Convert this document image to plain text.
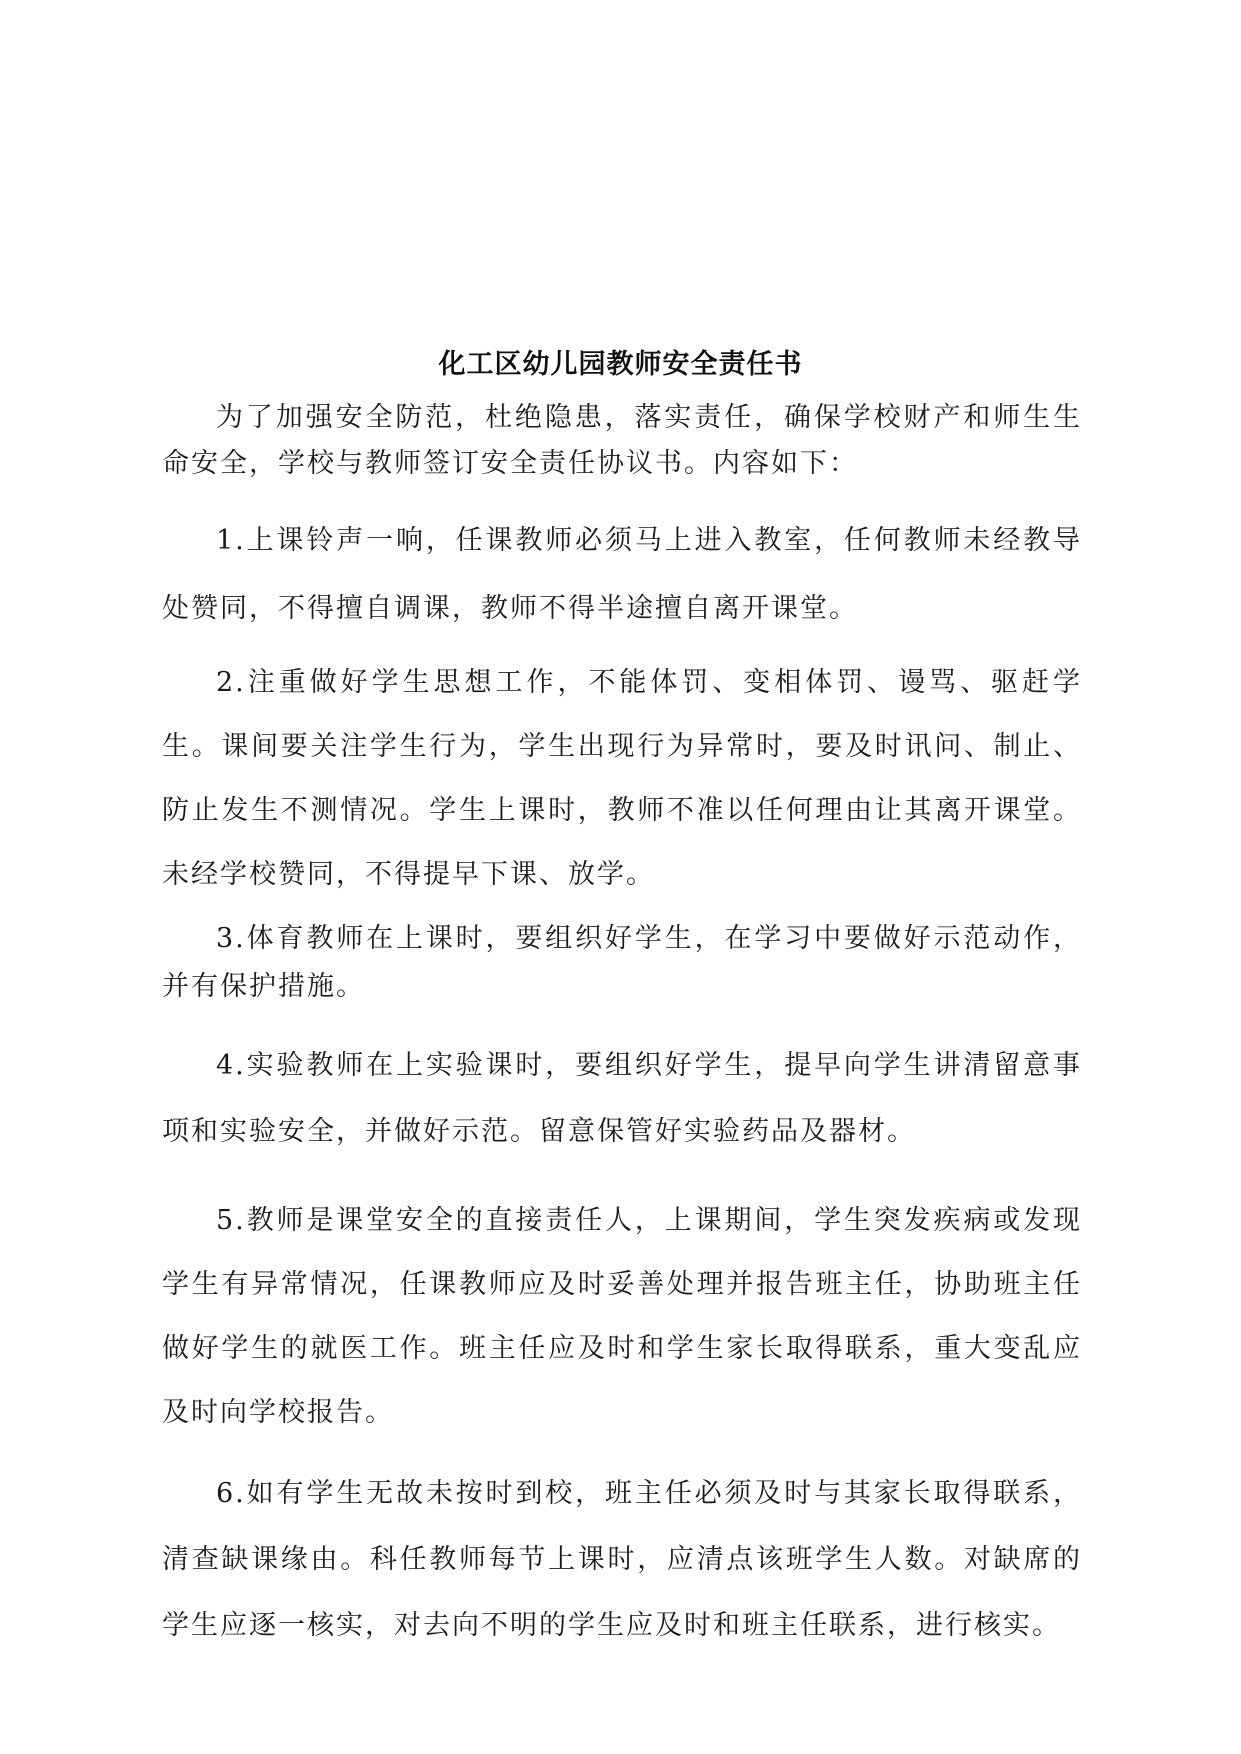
化工区幼儿园教师安全责任书

为了加强安全防范，杜绝隐患，落实责任，确保学校财产和师生生命安全，学校与教师签订安全责任协议书。内容如下：

1.上课铃声一响，任课教师必须马上进入教室，任何教师未经教导处赞同，不得擅自调课，教师不得半途擅自离开课堂。

2.注重做好学生思想工作，不能体罚、变相体罚、谩骂、驱赶学生。课间要关注学生行为，学生出现行为异常时，要及时讯问、制止、防止发生不测情况。学生上课时，教师不准以任何理由让其离开课堂。未经学校赞同，不得提早下课、放学。

3.体育教师在上课时，要组织好学生，在学习中要做好示范动作，并有保护措施。

4.实验教师在上实验课时，要组织好学生，提早向学生讲清留意事项和实验安全，并做好示范。留意保管好实验药品及器材。

5.教师是课堂安全的直接责任人，上课期间，学生突发疾病或发现学生有异常情况，任课教师应及时妥善处理并报告班主任，协助班主任做好学生的就医工作。班主任应及时和学生家长取得联系，重大变乱应及时向学校报告。

6.如有学生无故未按时到校，班主任必须及时与其家长取得联系，清查缺课缘由。科任教师每节上课时，应清点该班学生人数。对缺席的学生应逐一核实，对去向不明的学生应及时和班主任联系，进行核实。
